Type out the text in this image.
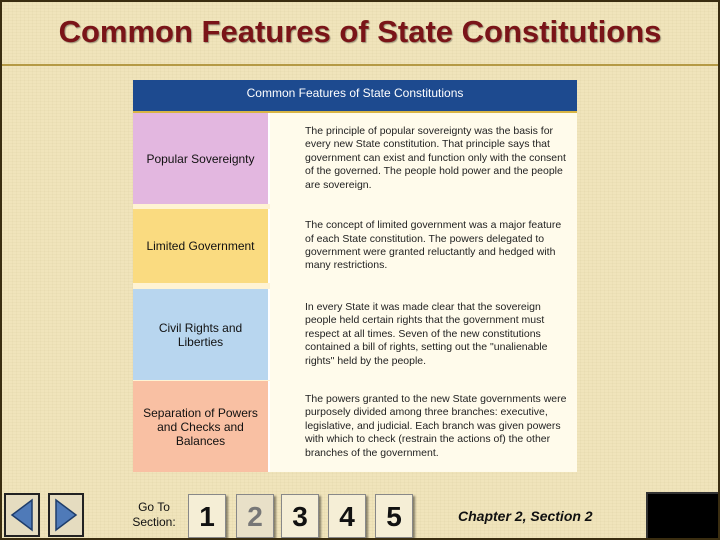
Common Features of State Constitutions
Common Features of State Constitutions
Popular Sovereignty
The principle of popular sovereignty was the basis for every new State constitution. That principle says that government can exist and function only with the consent of the governed. The people hold power and the people are sovereign.
Limited Government
The concept of limited government was a major feature of each State constitution. The powers delegated to government were granted reluctantly and hedged with many restrictions.
Civil Rights and Liberties
In every State it was made clear that the sovereign people held certain rights that the government must respect at all times. Seven of the new constitutions contained a bill of rights, setting out the "unalienable rights" held by the people.
Separation of Powers and Checks and Balances
The powers granted to the new State governments were purposely divided among three branches: executive, legislative, and judicial. Each branch was given powers with which to check (restrain the actions of) the other branches of the government.
Go To
Section: 1	2	3	4	5	Chapter 2, Section 2
